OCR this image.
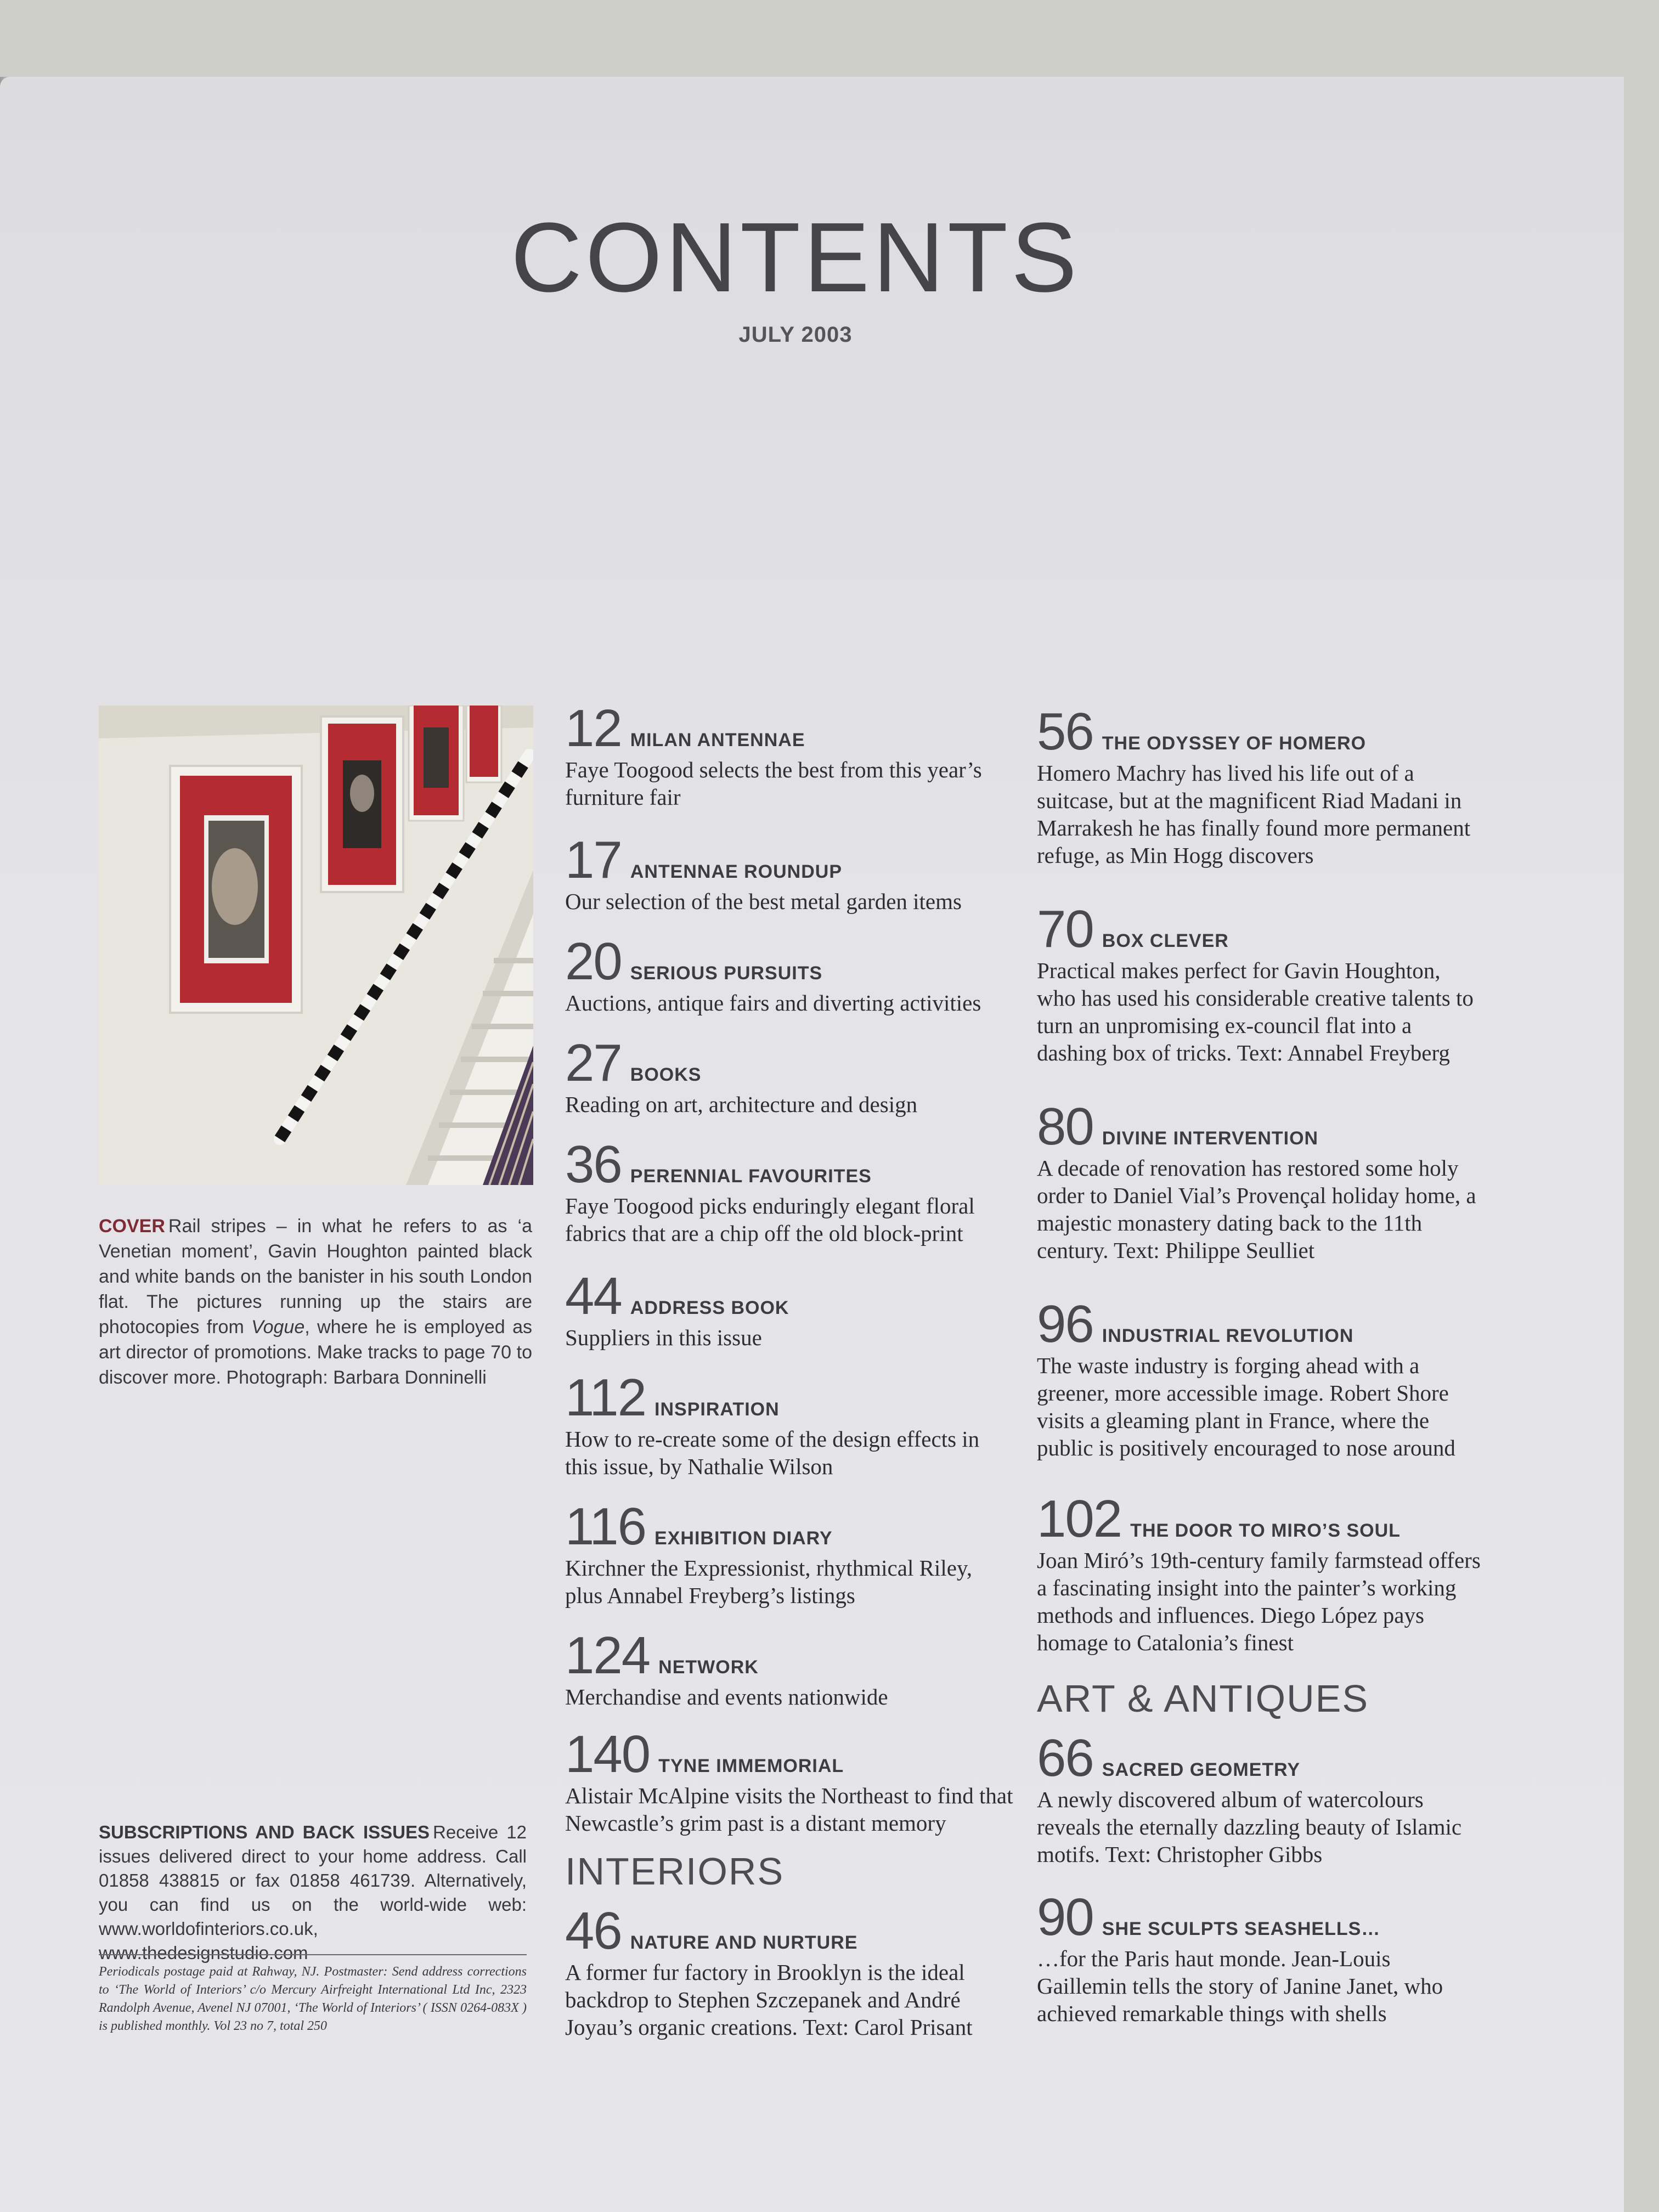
CONTENTS
JULY 2003
COVER Rail stripes – in what he refers to as ‘a Venetian moment’, Gavin Houghton painted black and white bands on the banister in his south London flat. The pictures running up the stairs are photocopies from Vogue, where he is employed as art director of promotions. Make tracks to page 70 to discover more. Photograph: Barbara Donninelli
SUBSCRIPTIONS AND BACK ISSUES Receive 12 issues delivered direct to your home address. Call 01858 438815 or fax 01858 461739. Alternatively, you can find us on the world-wide web: www.worldofinteriors.co.uk, www.thedesignstudio.com
Periodicals postage paid at Rahway, NJ. Postmaster: Send address corrections to ‘The World of Interiors’ c/o Mercury Airfreight International Ltd Inc, 2323 Randolph Avenue, Avenel NJ 07001, ‘The World of Interiors’ ( ISSN 0264-083X ) is published monthly. Vol 23 no 7, total 250
12 MILAN ANTENNAE
Faye Toogood selects the best from this year’s furniture fair
17 ANTENNAE ROUNDUP
Our selection of the best metal garden items
20 SERIOUS PURSUITS
Auctions, antique fairs and diverting activities
27 BOOKS
Reading on art, architecture and design
36 PERENNIAL FAVOURITES
Faye Toogood picks enduringly elegant floral fabrics that are a chip off the old block-print
44 ADDRESS BOOK
Suppliers in this issue
112 INSPIRATION
How to re-create some of the design effects in this issue, by Nathalie Wilson
116 EXHIBITION DIARY
Kirchner the Expressionist, rhythmical Riley, plus Annabel Freyberg’s listings
124 NETWORK
Merchandise and events nationwide
140 TYNE IMMEMORIAL
Alistair McAlpine visits the Northeast to find that Newcastle’s grim past is a distant memory
INTERIORS
46 NATURE AND NURTURE
A former fur factory in Brooklyn is the ideal backdrop to Stephen Szczepanek and André Joyau’s organic creations. Text: Carol Prisant
56 THE ODYSSEY OF HOMERO
Homero Machry has lived his life out of a suitcase, but at the magnificent Riad Madani in Marrakesh he has finally found more permanent refuge, as Min Hogg discovers
70 BOX CLEVER
Practical makes perfect for Gavin Houghton, who has used his considerable creative talents to turn an unpromising ex-council flat into a dashing box of tricks. Text: Annabel Freyberg
80 DIVINE INTERVENTION
A decade of renovation has restored some holy order to Daniel Vial’s Provençal holiday home, a majestic monastery dating back to the 11th century. Text: Philippe Seulliet
96 INDUSTRIAL REVOLUTION
The waste industry is forging ahead with a greener, more accessible image. Robert Shore visits a gleaming plant in France, where the public is positively encouraged to nose around
102 THE DOOR TO MIRO’S SOUL
Joan Miró’s 19th-century family farmstead offers a fascinating insight into the painter’s working methods and influences. Diego López pays homage to Catalonia’s finest
ART & ANTIQUES
66 SACRED GEOMETRY
A newly discovered album of watercolours reveals the eternally dazzling beauty of Islamic motifs. Text: Christopher Gibbs
90 SHE SCULPTS SEASHELLS…
…for the Paris haut monde. Jean-Louis Gaillemin tells the story of Janine Janet, who achieved remarkable things with shells
